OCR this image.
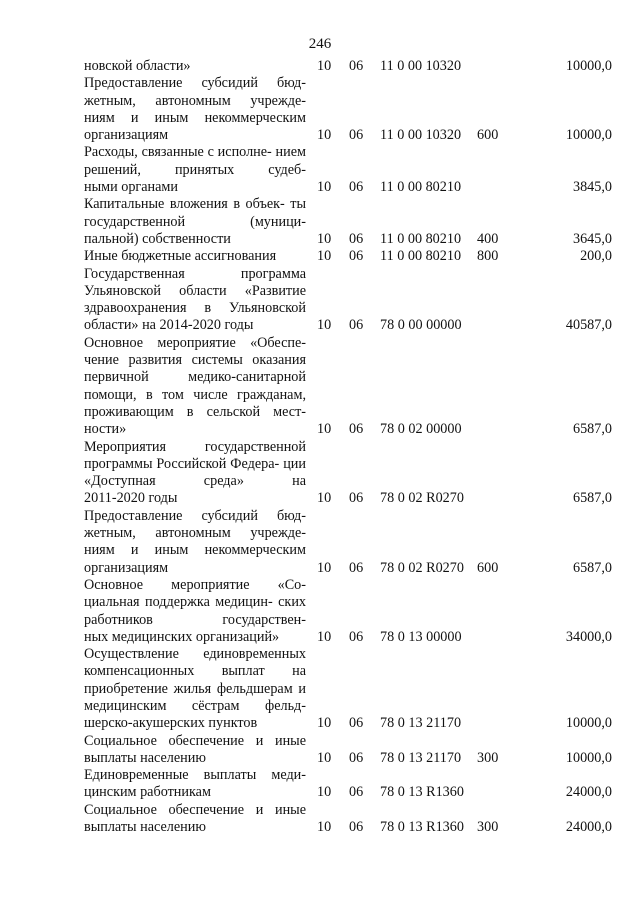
246
новской области»	10 06 11 0 00 10320	10000,0
Предоставление субсидий бюд- жетным, автономным учрежде- ниям и иным некоммерческим
организациям	10 06 11 0 00 10320 600	10000,0
Расходы, связанные с исполне- нием решений, принятых судеб-
ными органами	10 06 11 0 00 80210	3845,0
Капитальные вложения в объек- ты государственной (муници-
пальной) собственности	10 06 11 0 00 80210 400	3645,0
Иные бюджетные ассигнования	10 06 11 0 00 80210 800	200,0
Государственная программа Ульяновской области «Развитие здравоохранения в Ульяновской
области» на 2014-2020 годы	10 06 78 0 00 00000	40587,0
Основное мероприятие «Обеспе- чение развития системы оказания первичной медико-санитарной помощи, в том числе гражданам, проживающим в сельской мест-
ности»	10 06 78 0 02 00000	6587,0
Мероприятия государственной программы Российской Федера- ции «Доступная среда» на
2011-2020 годы	10 06 78 0 02 R0270	6587,0
Предоставление субсидий бюд- жетным, автономным учрежде- ниям и иным некоммерческим
организациям	10 06 78 0 02 R0270 600	6587,0
Основное мероприятие «Со- циальная поддержка медицин- ских работников государствен-
ных медицинских организаций»	10 06 78 0 13 00000	34000,0
Осуществление единовременных компенсационных выплат на приобретение жилья фельдшерам и медицинским сёстрам фельд-
шерско-акушерских пунктов	10 06 78 0 13 21170	10000,0
Социальное обеспечение и иные
выплаты населению	10 06 78 0 13 21170 300	10000,0
Единовременные выплаты меди-
цинским работникам	10 06 78 0 13 R1360	24000,0
Социальное обеспечение и иные
выплаты населению	10 06 78 0 13 R1360 300	24000,0
